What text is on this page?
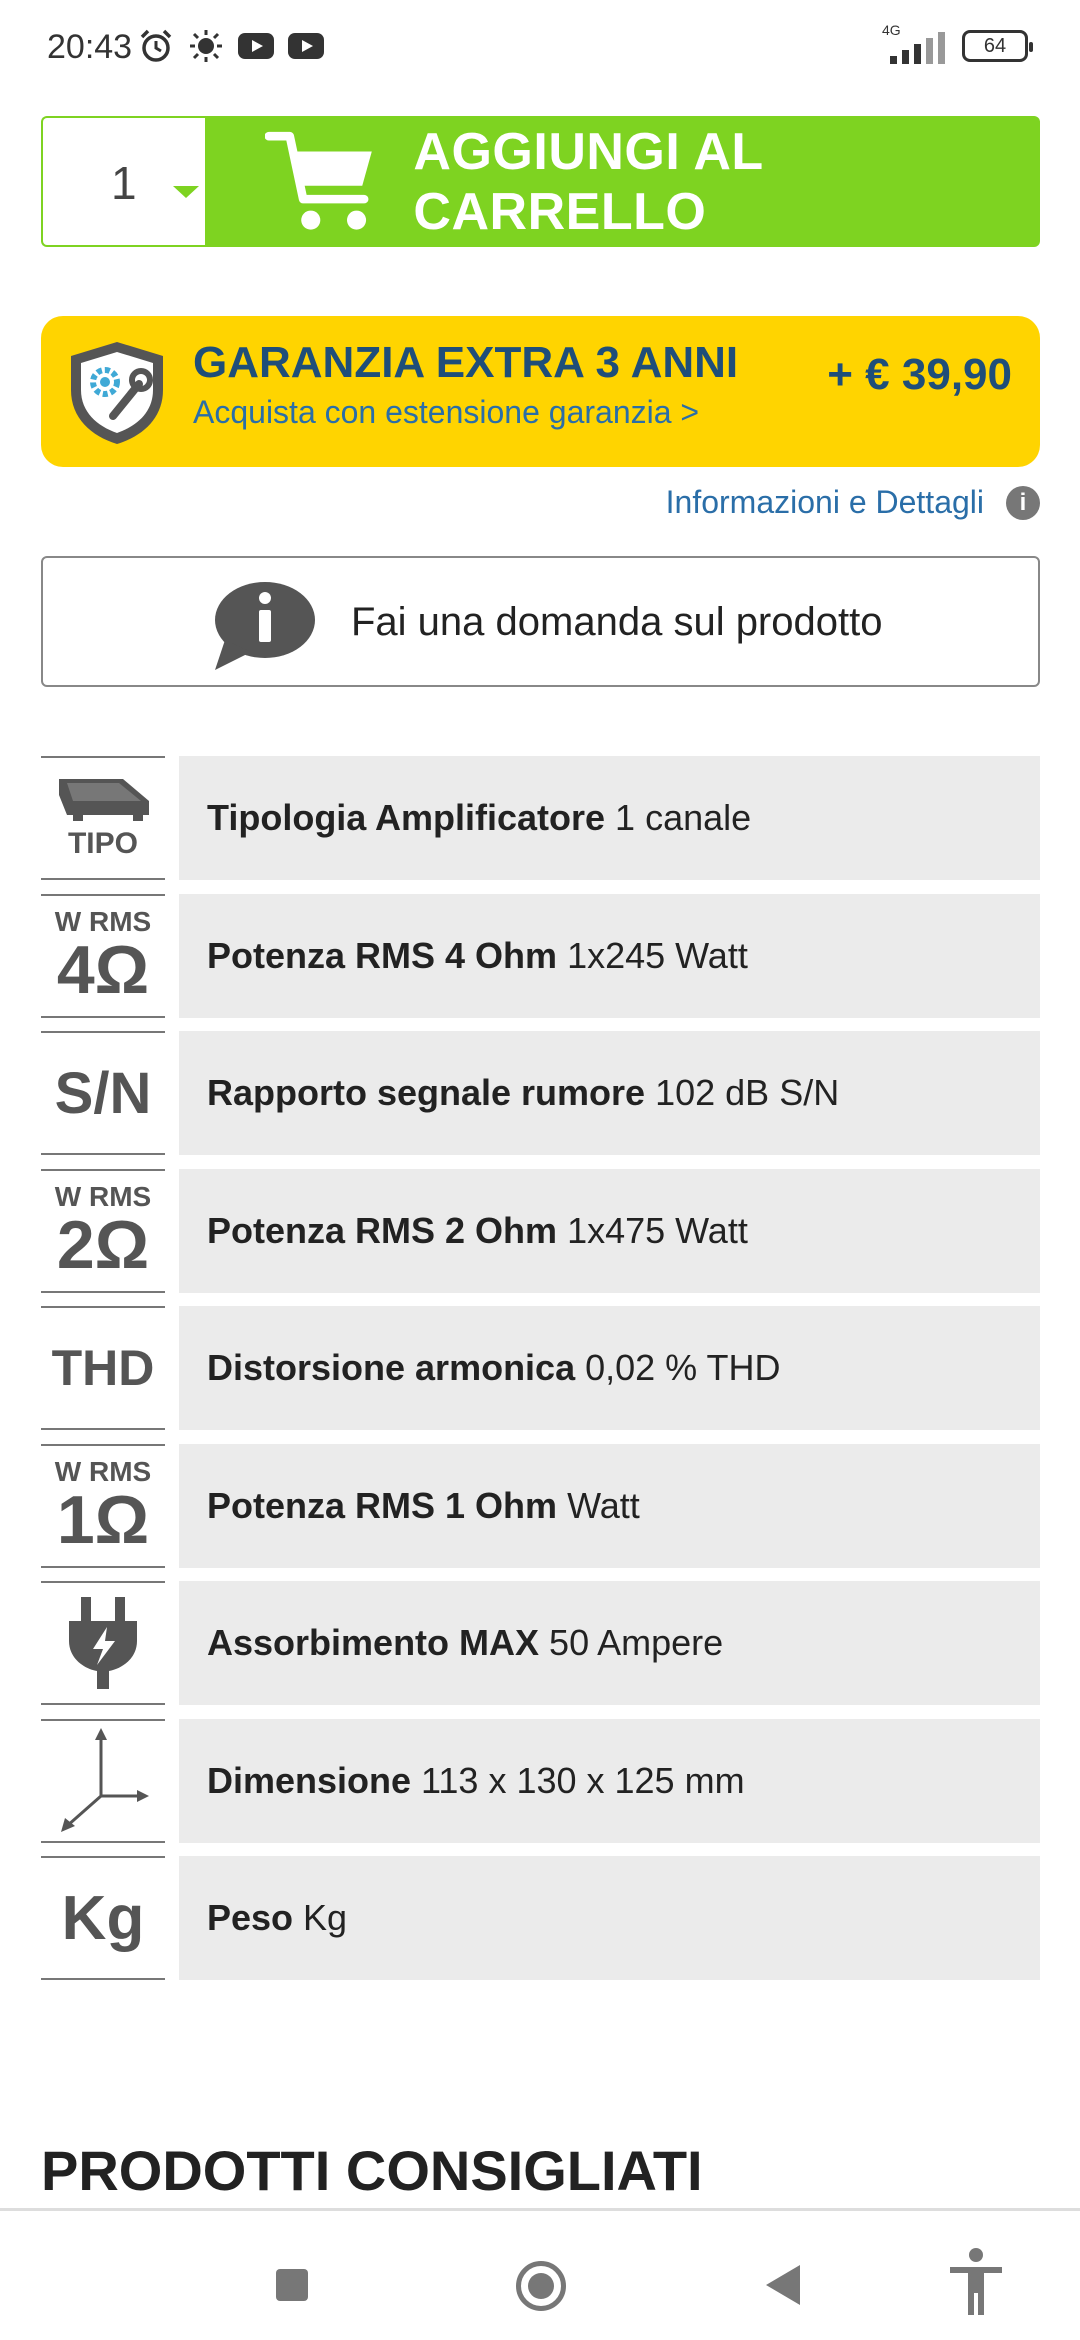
20:43	4G
64
1
AGGIUNGI AL CARRELLO
GARANZIA EXTRA 3 ANNI
Acquista con estensione garanzia >
+ € 39,90
Informazioni e Dettagli	i
Fai una domanda sul prodotto
TIPO
Tipologia Amplificatore 1 canale
W RMS
4Ω Potenza RMS 4 Ohm 1x245 Watt
S/N Rapporto segnale rumore 102 dB S/N
W RMS
2Ω Potenza RMS 2 Ohm 1x475 Watt
THD Distorsione armonica 0,02 % THD
W RMS
1Ω Potenza RMS 1 Ohm Watt
Assorbimento MAX 50 Ampere
Dimensione 113 x 130 x 125 mm
Kg Peso Kg
PRODOTTI CONSIGLIATI
